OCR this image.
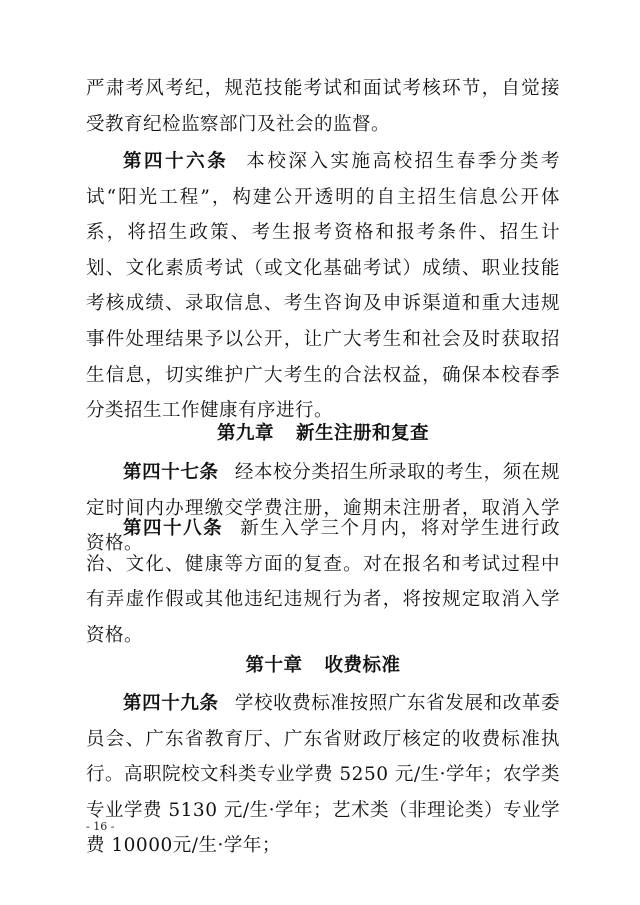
严肃考风考纪，规范技能考试和面试考核环节，自觉接受教育纪检监察部门及社会的监督。

第四十六条 本校深入实施高校招生春季分类考试“阳光工程”，构建公开透明的自主招生信息公开体系，将招生政策、考生报考资格和报考条件、招生计划、文化素质考试（或文化基础考试）成绩、职业技能考核成绩、录取信息、考生咨询及申诉渠道和重大违规事件处理结果予以公开，让广大考生和社会及时获取招生信息，切实维护广大考生的合法权益，确保本校春季分类招生工作健康有序进行。

第九章 新生注册和复查

第四十七条 经本校分类招生所录取的考生，须在规定时间内办理缴交学费注册，逾期未注册者，取消入学资格。

第四十八条 新生入学三个月内，将对学生进行政治、文化、健康等方面的复查。对在报名和考试过程中有弄虚作假或其他违纪违规行为者，将按规定取消入学资格。

第十章 收费标准

第四十九条 学校收费标准按照广东省发展和改革委员会、广东省教育厅、广东省财政厅核定的收费标准执行。高职院校文科类专业学费 5250 元/生·学年；农学类专业学费 5130 元/生·学年；艺术类（非理论类）专业学费 10000元/生·学年；

- 16 -
